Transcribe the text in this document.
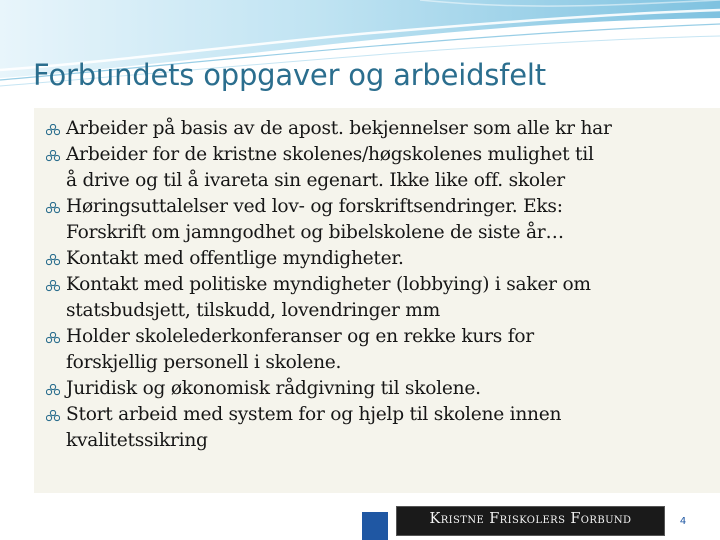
Forbundets oppgaver og arbeidsfelt
Arbeider på basis av de apost. bekjennelser som alle kr har
Arbeider for de kristne skolenes/høgskolenes mulighet til
å drive og til å ivareta sin egenart. Ikke like off. skoler
Høringsuttalelser ved lov- og forskriftsendringer. Eks:
Forskrift om jamngodhet og bibelskolene de siste år…
Kontakt med offentlige myndigheter.
Kontakt med politiske myndigheter (lobbying) i saker om
statsbudsjett, tilskudd, lovendringer mm
Holder skolelederkonferanser og en rekke kurs for
forskjellig personell i skolene.
Juridisk og økonomisk rådgivning til skolene.
Stort arbeid med system for og hjelp til skolene innen
kvalitetssikring
Kristne Friskolers Forbund	4
